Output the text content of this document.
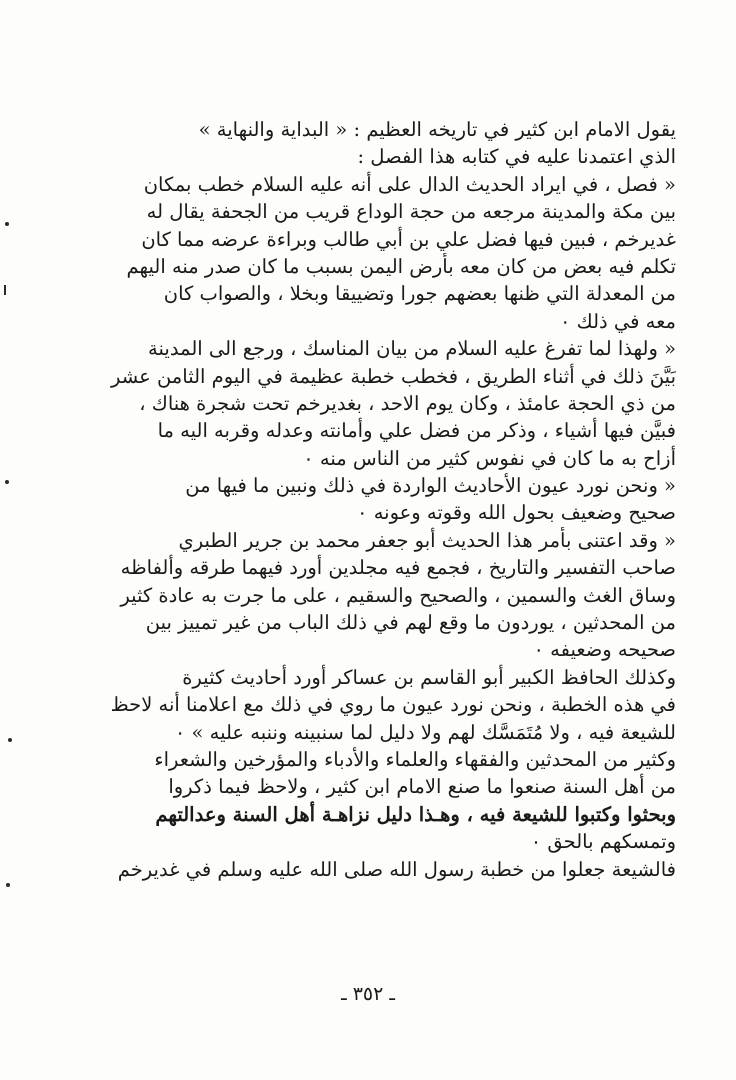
يقول الامام ابن كثير في تاريخه العظيم : « البداية والنهاية »
الذي اعتمدنا عليه في كتابه هذا الفصل :
« فصل ، في ايراد الحديث الدال على أنه عليه السلام خطب بمكان
بين مكة والمدينة مرجعه من حجة الوداع قريب من الجحفة يقال له
غديرخم ، فبين فيها فضل علي بن أبي طالب وبراءة عرضه مما كان
تكلم فيه بعض من كان معه بأرض اليمن بسبب ما كان صدر منه اليهم
من المعدلة التي ظنها بعضهم جورا وتضييقا وبخلا ، والصواب كان
معه في ذلك ٠
« ولهذا لما تفرغ عليه السلام من بيان المناسك ، ورجع الى المدينة
بَيَّنَ ذلك في أثناء الطريق ، فخطب خطبة عظيمة في اليوم الثامن عشر
من ذي الحجة عامئذ ، وكان يوم الاحد ، بغديرخم تحت شجرة هناك ،
فبيَّن فيها أشياء ، وذكر من فضل علي وأمانته وعدله وقربه اليه ما
أزاح به ما كان في نفوس كثير من الناس منه ٠
« ونحن نورد عيون الأحاديث الواردة في ذلك ونبين ما فيها من
صحيح وضعيف بحول الله وقوته وعونه ٠
« وقد اعتنى بأمر هذا الحديث أبو جعفر محمد بن جرير الطبري
صاحب التفسير والتاريخ ، فجمع فيه مجلدين أورد فيهما طرقه وألفاظه
وساق الغث والسمين ، والصحيح والسقيم ، على ما جرت به عادة كثير
من المحدثين ، يوردون ما وقع لهم في ذلك الباب من غير تمييز بين
صحيحه وضعيفه ٠
وكذلك الحافظ الكبير أبو القاسم بن عساكر أورد أحاديث كثيرة
في هذه الخطبة ، ونحن نورد عيون ما روي في ذلك مع اعلامنا أنه لاحظ
للشيعة فيه ، ولا مُتَمَسَّك لهم ولا دليل لما سنبينه وننبه عليه » ٠
وكثير من المحدثين والفقهاء والعلماء والأدباء والمؤرخين والشعراء
من أهل السنة صنعوا ما صنع الامام ابن كثير ، ولاحظ فيما ذكروا
وبحثوا وكتبوا للشيعة فيه ، وهـذا دليل نزاهـة أهل السنة وعدالتهم
وتمسكهم بالحق ٠
فالشيعة جعلوا من خطبة رسول الله صلى الله عليه وسلم في غديرخم
ـ ٣٥٢ ـ
